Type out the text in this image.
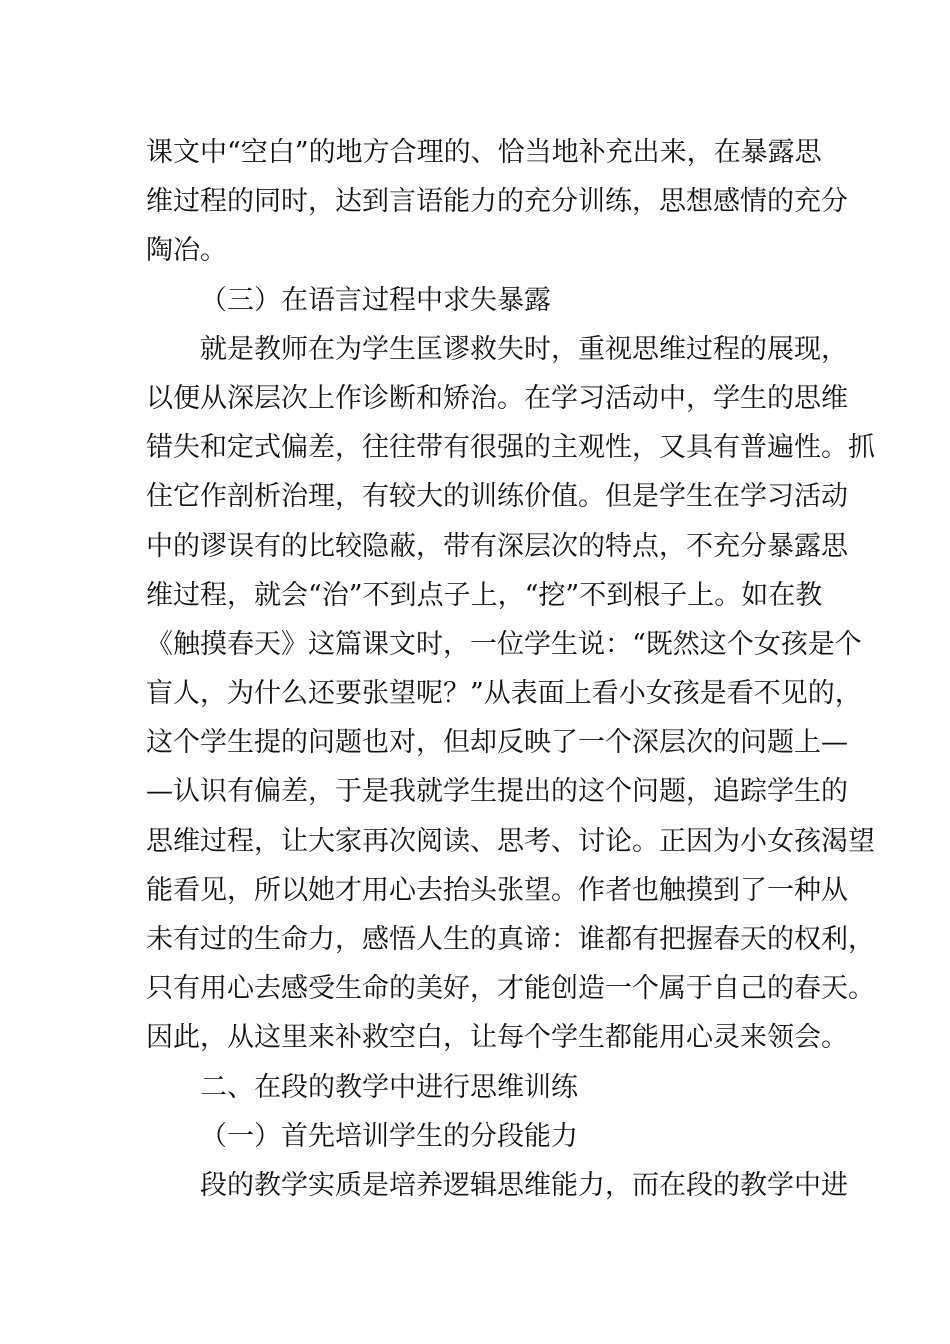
课文中“空白”的地方合理的、恰当地补充出来，在暴露思
维过程的同时，达到言语能力的充分训练，思想感情的充分
陶冶。
（三）在语言过程中求失暴露
就是教师在为学生匡谬救失时，重视思维过程的展现，
以便从深层次上作诊断和矫治。在学习活动中，学生的思维
错失和定式偏差，往往带有很强的主观性，又具有普遍性。抓
住它作剖析治理，有较大的训练价值。但是学生在学习活动
中的谬误有的比较隐蔽，带有深层次的特点，不充分暴露思
维过程，就会“治”不到点子上，“挖”不到根子上。如在教
《触摸春天》这篇课文时，一位学生说：“既然这个女孩是个
盲人，为什么还要张望呢？”从表面上看小女孩是看不见的，
这个学生提的问题也对，但却反映了一个深层次的问题上—
—认识有偏差，于是我就学生提出的这个问题，追踪学生的
思维过程，让大家再次阅读、思考、讨论。正因为小女孩渴望
能看见，所以她才用心去抬头张望。作者也触摸到了一种从
未有过的生命力，感悟人生的真谛：谁都有把握春天的权利，
只有用心去感受生命的美好，才能创造一个属于自己的春天。
因此，从这里来补救空白，让每个学生都能用心灵来领会。
二、在段的教学中进行思维训练
（一）首先培训学生的分段能力
段的教学实质是培养逻辑思维能力，而在段的教学中进
